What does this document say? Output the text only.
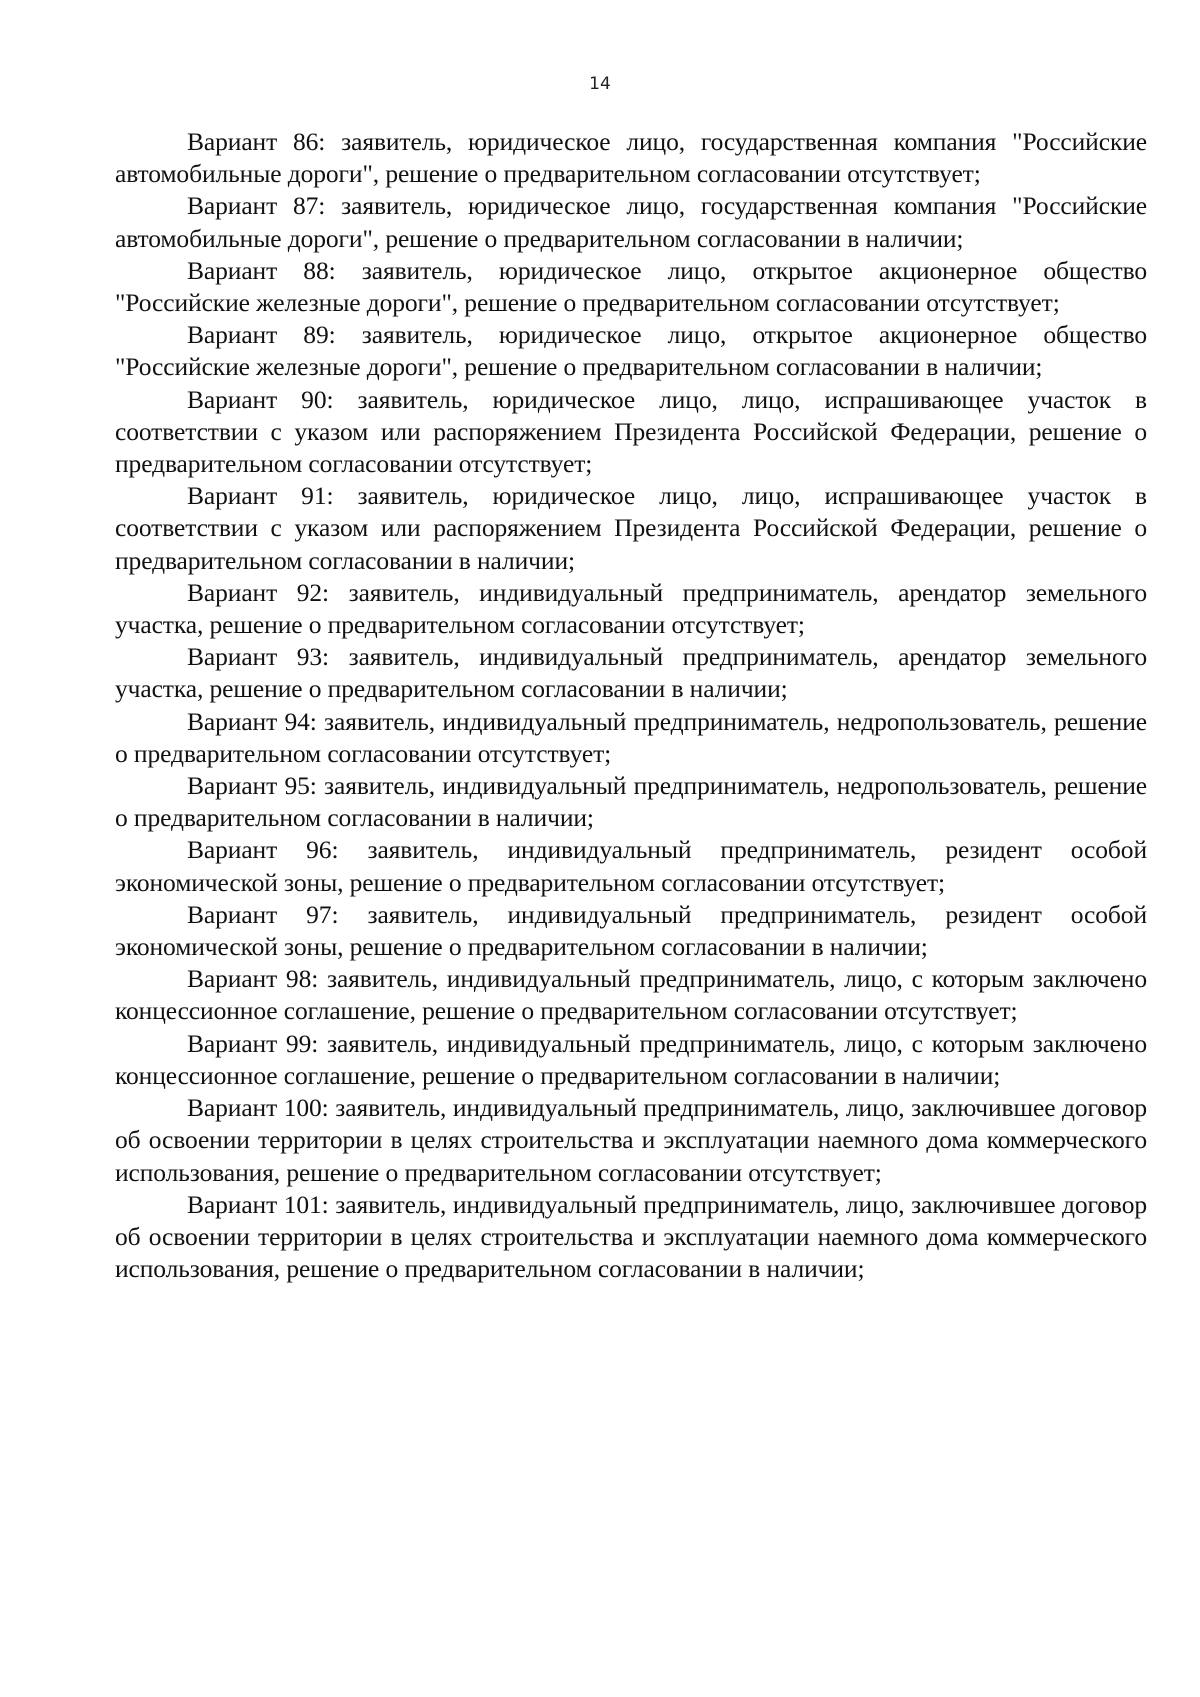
14

Вариант 86: заявитель, юридическое лицо, государственная компания "Российские автомобильные дороги", решение о предварительном согласовании отсутствует;

Вариант 87: заявитель, юридическое лицо, государственная компания "Российские автомобильные дороги", решение о предварительном согласовании в наличии;

Вариант 88: заявитель, юридическое лицо, открытое акционерное общество "Российские железные дороги", решение о предварительном согласовании отсутствует;

Вариант 89: заявитель, юридическое лицо, открытое акционерное общество "Российские железные дороги", решение о предварительном согласовании в наличии;

Вариант 90: заявитель, юридическое лицо, лицо, испрашивающее участок в соответствии с указом или распоряжением Президента Российской Федерации, решение о предварительном согласовании отсутствует;

Вариант 91: заявитель, юридическое лицо, лицо, испрашивающее участок в соответствии с указом или распоряжением Президента Российской Федерации, решение о предварительном согласовании в наличии;

Вариант 92: заявитель, индивидуальный предприниматель, арендатор земельного участка, решение о предварительном согласовании отсутствует;

Вариант 93: заявитель, индивидуальный предприниматель, арендатор земельного участка, решение о предварительном согласовании в наличии;

Вариант 94: заявитель, индивидуальный предприниматель, недропользователь, решение о предварительном согласовании отсутствует;

Вариант 95: заявитель, индивидуальный предприниматель, недропользователь, решение о предварительном согласовании в наличии;

Вариант 96: заявитель, индивидуальный предприниматель, резидент особой экономической зоны, решение о предварительном согласовании отсутствует;

Вариант 97: заявитель, индивидуальный предприниматель, резидент особой экономической зоны, решение о предварительном согласовании в наличии;

Вариант 98: заявитель, индивидуальный предприниматель, лицо, с которым заключено концессионное соглашение, решение о предварительном согласовании отсутствует;

Вариант 99: заявитель, индивидуальный предприниматель, лицо, с которым заключено концессионное соглашение, решение о предварительном согласовании в наличии;

Вариант 100: заявитель, индивидуальный предприниматель, лицо, заключившее договор об освоении территории в целях строительства и эксплуатации наемного дома коммерческого использования, решение о предварительном согласовании отсутствует;

Вариант 101: заявитель, индивидуальный предприниматель, лицо, заключившее договор об освоении территории в целях строительства и эксплуатации наемного дома коммерческого использования, решение о предварительном согласовании в наличии;
